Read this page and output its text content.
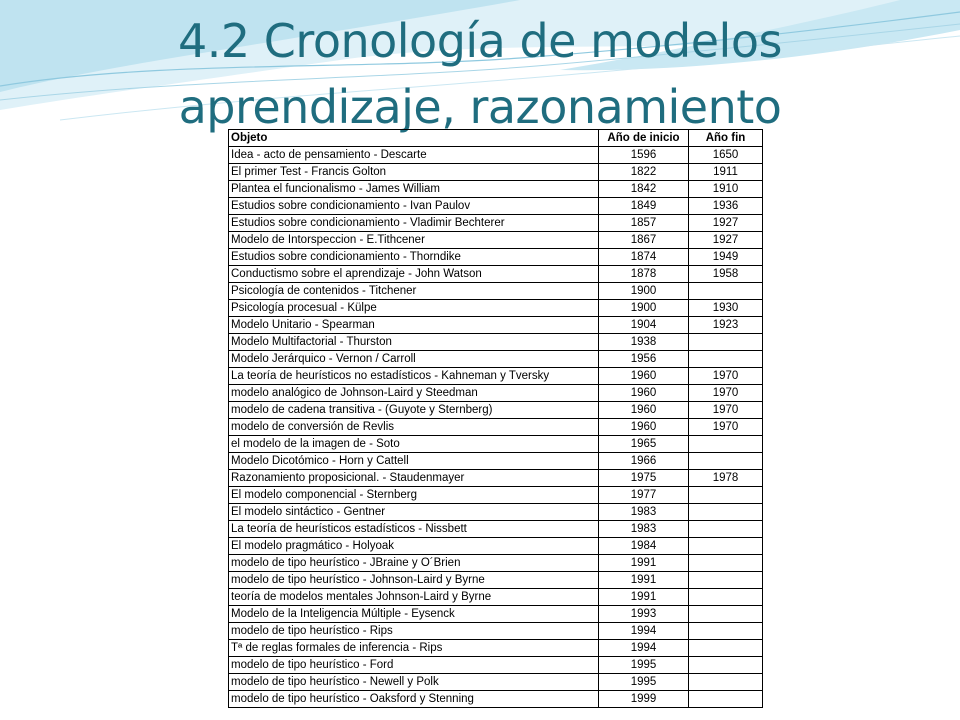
4.2 Cronología de modelos
aprendizaje, razonamiento
Objeto	Año de inicio	Año fin
Idea - acto de pensamiento - Descarte	1596	1650
El primer Test - Francis Golton	1822	1911
Plantea el funcionalismo - James William	1842	1910
Estudios sobre condicionamiento - Ivan Paulov	1849	1936
Estudios sobre condicionamiento - Vladimir Bechterer	1857	1927
Modelo de Intorspeccion - E.Tithcener	1867	1927
Estudios sobre condicionamiento - Thorndike	1874	1949
Conductismo sobre el aprendizaje - John Watson	1878	1958
Psicología de contenidos - Titchener	1900	
Psicología procesual - Külpe	1900	1930
Modelo Unitario - Spearman	1904	1923
Modelo Multifactorial - Thurston	1938	
Modelo Jerárquico - Vernon / Carroll	1956	
La teoría de heurísticos no estadísticos - Kahneman y Tversky	1960	1970
modelo analógico de Johnson-Laird y Steedman	1960	1970
modelo de cadena transitiva - (Guyote y Sternberg)	1960	1970
modelo de conversión de Revlis	1960	1970
el modelo de la imagen de - Soto	1965	
Modelo Dicotómico - Horn y Cattell	1966	
Razonamiento proposicional. - Staudenmayer	1975	1978
El modelo componencial - Sternberg	1977	
El modelo sintáctico - Gentner	1983	
La teoría de heurísticos estadísticos - Nissbett	1983	
El modelo pragmático - Holyoak	1984	
modelo de tipo heurístico - JBraine y O´Brien	1991	
modelo de tipo heurístico - Johnson-Laird y Byrne	1991	
teoría de modelos mentales Johnson-Laird y Byrne	1991	
Modelo de la Inteligencia Múltiple - Eysenck	1993	
modelo de tipo heurístico - Rips	1994	
Tª de reglas formales de inferencia - Rips	1994	
modelo de tipo heurístico - Ford	1995	
modelo de tipo heurístico - Newell y Polk	1995	
modelo de tipo heurístico - Oaksford y Stenning	1999	
